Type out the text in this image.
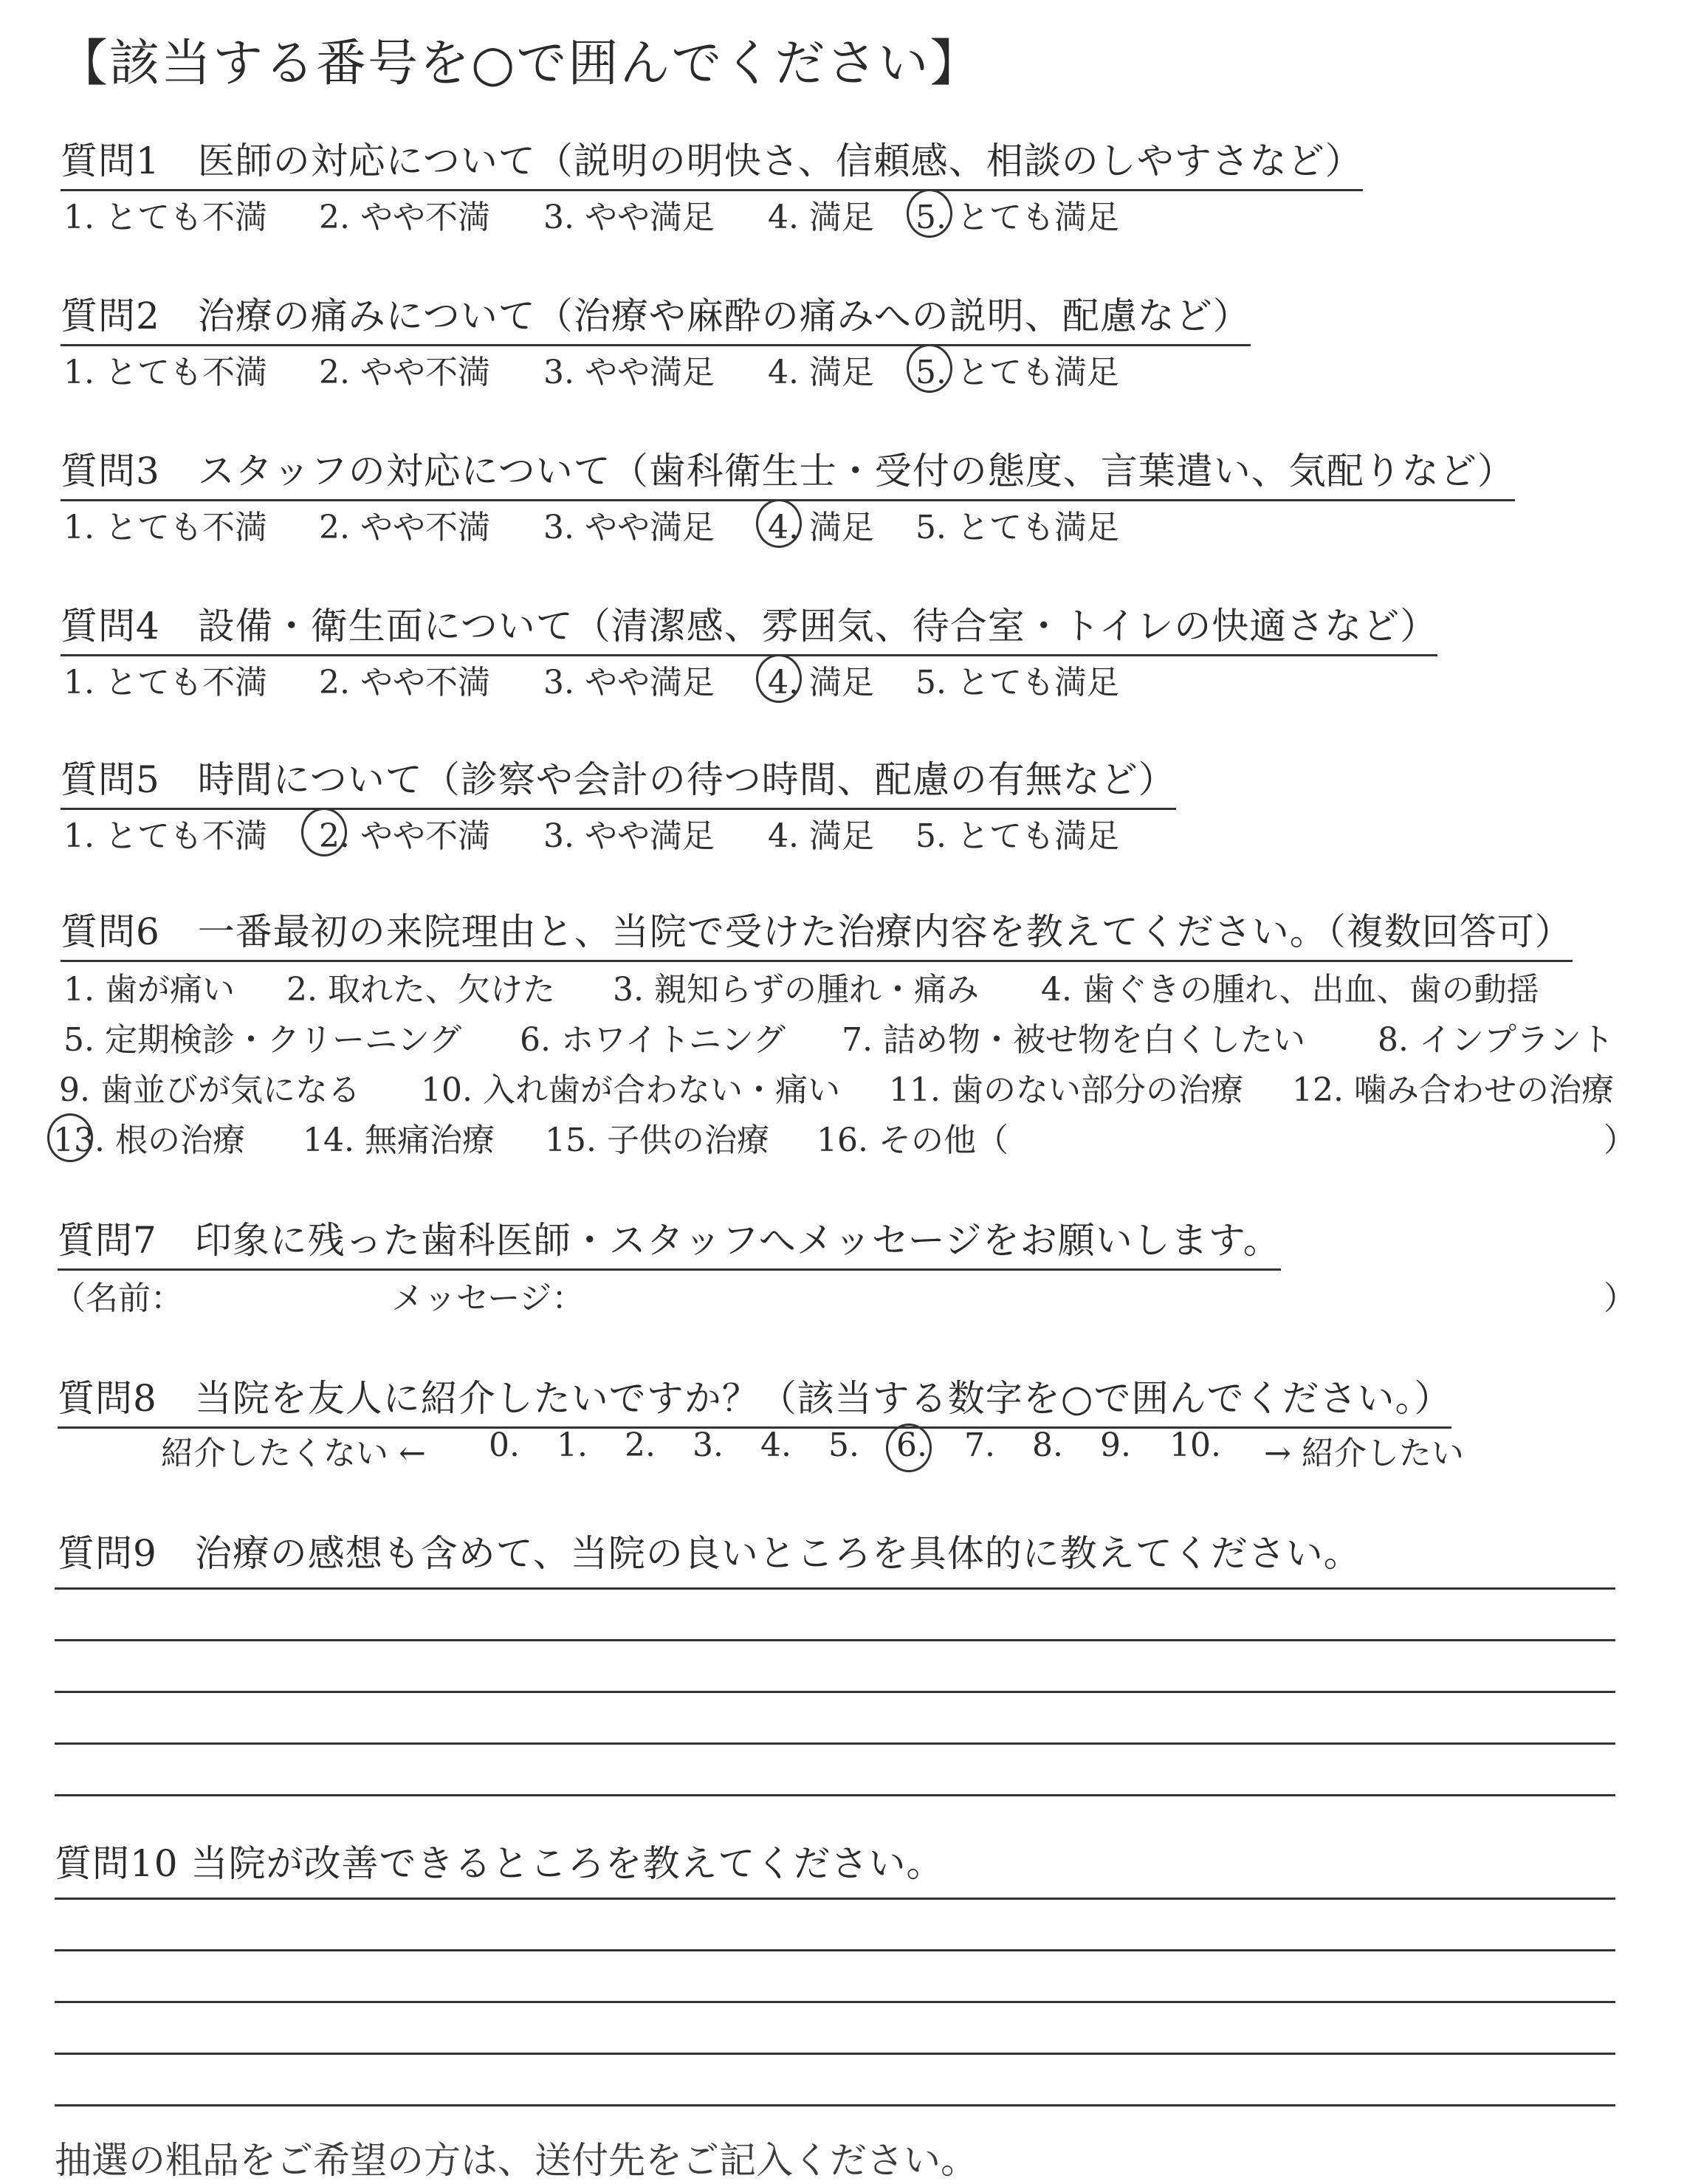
【該当する番号を○で囲んでください】
質問1　医師の対応について（説明の明快さ、信頼感、相談のしやすさなど）
1. とても不満 2. やや不満 3. やや満足 4. 満足 5. とても満足
質問2　治療の痛みについて（治療や麻酔の痛みへの説明、配慮など）
1. とても不満 2. やや不満 3. やや満足 4. 満足 5. とても満足
質問3　スタッフの対応について（歯科衛生士・受付の態度、言葉遣い、気配りなど）
1. とても不満 2. やや不満 3. やや満足 4. 満足 5. とても満足
質問4　設備・衛生面について（清潔感、雰囲気、待合室・トイレの快適さなど）
1. とても不満 2. やや不満 3. やや満足 4. 満足 5. とても満足
質問5　時間について（診察や会計の待つ時間、配慮の有無など）
1. とても不満 2. やや不満 3. やや満足 4. 満足 5. とても満足
質問6　一番最初の来院理由と、当院で受けた治療内容を教えてください。（複数回答可）
1. 歯が痛い 2. 取れた、欠けた 3. 親知らずの腫れ・痛み 4. 歯ぐきの腫れ、出血、歯の動揺
5. 定期検診・クリーニング 6. ホワイトニング 7. 詰め物・被せ物を白くしたい 8. インプラント
9. 歯並びが気になる 10. 入れ歯が合わない・痛い 11. 歯のない部分の治療 12. 噛み合わせの治療
13. 根の治療 14. 無痛治療 15. 子供の治療 16. その他（	）
質問7　印象に残った歯科医師・スタッフへメッセージをお願いします。
（名前：	メッセージ：	）
質問8　当院を友人に紹介したいですか？（該当する数字を○で囲んでください。）
紹介したくない ← 0. 1. 2. 3. 4. 5. 6. 7. 8. 9. 10. → 紹介したい
質問9　治療の感想も含めて、当院の良いところを具体的に教えてください。
質問10 当院が改善できるところを教えてください。
抽選の粗品をご希望の方は、送付先をご記入ください。
